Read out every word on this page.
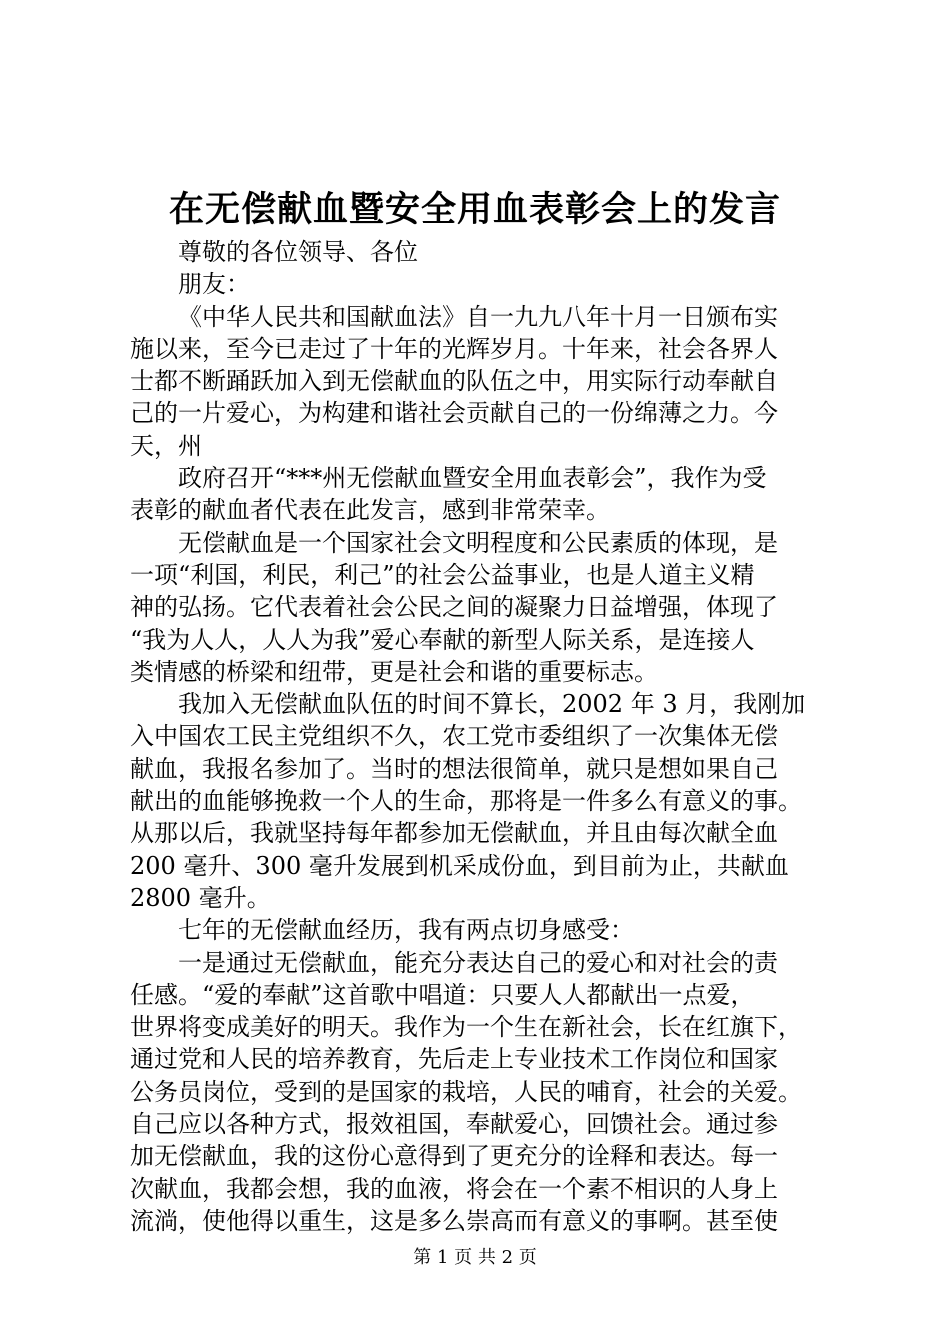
在无偿献血暨安全用血表彰会上的发言

尊敬的各位领导、各位

朋友：

《中华人民共和国献血法》自一九九八年十月一日颁布实
施以来，至今已走过了十年的光辉岁月。十年来，社会各界人
士都不断踊跃加入到无偿献血的队伍之中，用实际行动奉献自
己的一片爱心，为构建和谐社会贡献自己的一份绵薄之力。今
天，州

政府召开“***州无偿献血暨安全用血表彰会”，我作为受
表彰的献血者代表在此发言，感到非常荣幸。

无偿献血是一个国家社会文明程度和公民素质的体现，是
一项“利国，利民，利己”的社会公益事业，也是人道主义精
神的弘扬。它代表着社会公民之间的凝聚力日益增强，体现了
“我为人人，人人为我”爱心奉献的新型人际关系，是连接人
类情感的桥梁和纽带，更是社会和谐的重要标志。

我加入无偿献血队伍的时间不算长，2002 年 3 月，我刚加
入中国农工民主党组织不久，农工党市委组织了一次集体无偿
献血，我报名参加了。当时的想法很简单，就只是想如果自己
献出的血能够挽救一个人的生命，那将是一件多么有意义的事。
从那以后，我就坚持每年都参加无偿献血，并且由每次献全血
200 毫升、300 毫升发展到机采成份血，到目前为止，共献血
2800 毫升。

七年的无偿献血经历，我有两点切身感受：

一是通过无偿献血，能充分表达自己的爱心和对社会的责
任感。“爱的奉献”这首歌中唱道：只要人人都献出一点爱，
世界将变成美好的明天。我作为一个生在新社会，长在红旗下，
通过党和人民的培养教育，先后走上专业技术工作岗位和国家
公务员岗位，受到的是国家的栽培，人民的哺育，社会的关爱。
自己应以各种方式，报效祖国，奉献爱心，回馈社会。通过参
加无偿献血，我的这份心意得到了更充分的诠释和表达。每一
次献血，我都会想，我的血液，将会在一个素不相识的人身上
流淌，使他得以重生，这是多么崇高而有意义的事啊。甚至使

第 1 页 共 2 页
